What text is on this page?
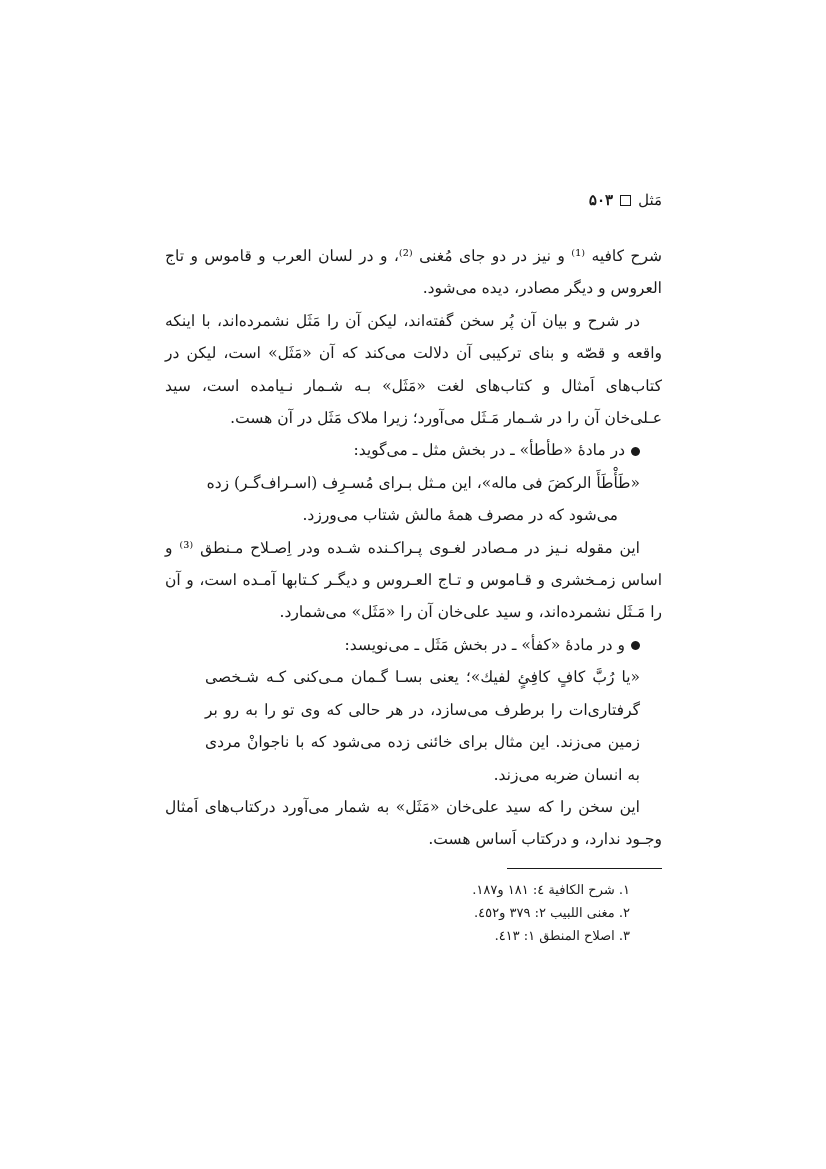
مَثل
۵۰۳

شرح کافیه ⁽¹⁾ و نیز در دو جای مُغنی ⁽²⁾، و در لسان العرب و قاموس و تاج العروس و دیگر مصادر، دیده می‌شود.

در شرح و بیان آن پُر سخن گفته‌اند، لیکن آن را مَثَل نشمرده‌اند، با اینکه واقعه و قصّه و بنای ترکیبی آن دلالت می‌کند که آن «مَثَل» است، لیکن در کتاب‌های اَمثال و کتاب‌های لغت «مَثَل» بـه شـمار نـیامده است، سید عـلی‌خان آن را در شـمار مَـثَل می‌آورد؛ زیرا ملاک مَثَل در آن هست.

در مادۀ «طأطأ» ـ در بخش مثل ـ می‌گوید:

«طَأْطَأَ الرکضَ فی ماله»، این مـثل بـرای مُسـرِف (اسـراف‌گـر) زده
می‌شود که در مصرف همۀ مالش شتاب می‌ورزد.

این مقوله نـیز در مـصادر لغـوی پـراکـنده شـده ودر اِصـلاح مـنطق ⁽³⁾ و اساس زمـخشری و قـاموس و تـاج العـروس و دیگـر کـتابها آمـده است، و آن را مَـثَل نشمرده‌اند، و سید علی‌خان آن را «مَثَل» می‌شمارد.

و در مادۀ «کفأ» ـ در بخش مَثَل ـ می‌نویسد:

«یا رُبَّ کافٍ کافِئٍ لفیك»؛ یعنی بسـا گـمان مـی‌کنی کـه شـخصی گرفتاری‌ات را برطرف می‌سازد، در هر حالی که وی تو را به رو بر زمین می‌زند. این مثال برای خائنی زده می‌شود که با ناجوانْ مردی به انسان ضربه می‌زند.

این سخن را که سید علی‌خان «مَثَل» به شمار می‌آورد درکتاب‌های اَمثال وجـود ندارد، و درکتاب اَساس هست.

١. شرح الكافية ٤: ١٨١ و١٨٧.

٢. مغنی اللبیب ٢: ٣٧٩ و٤٥٢.

٣. اصلاح المنطق ١: ٤١٣.
